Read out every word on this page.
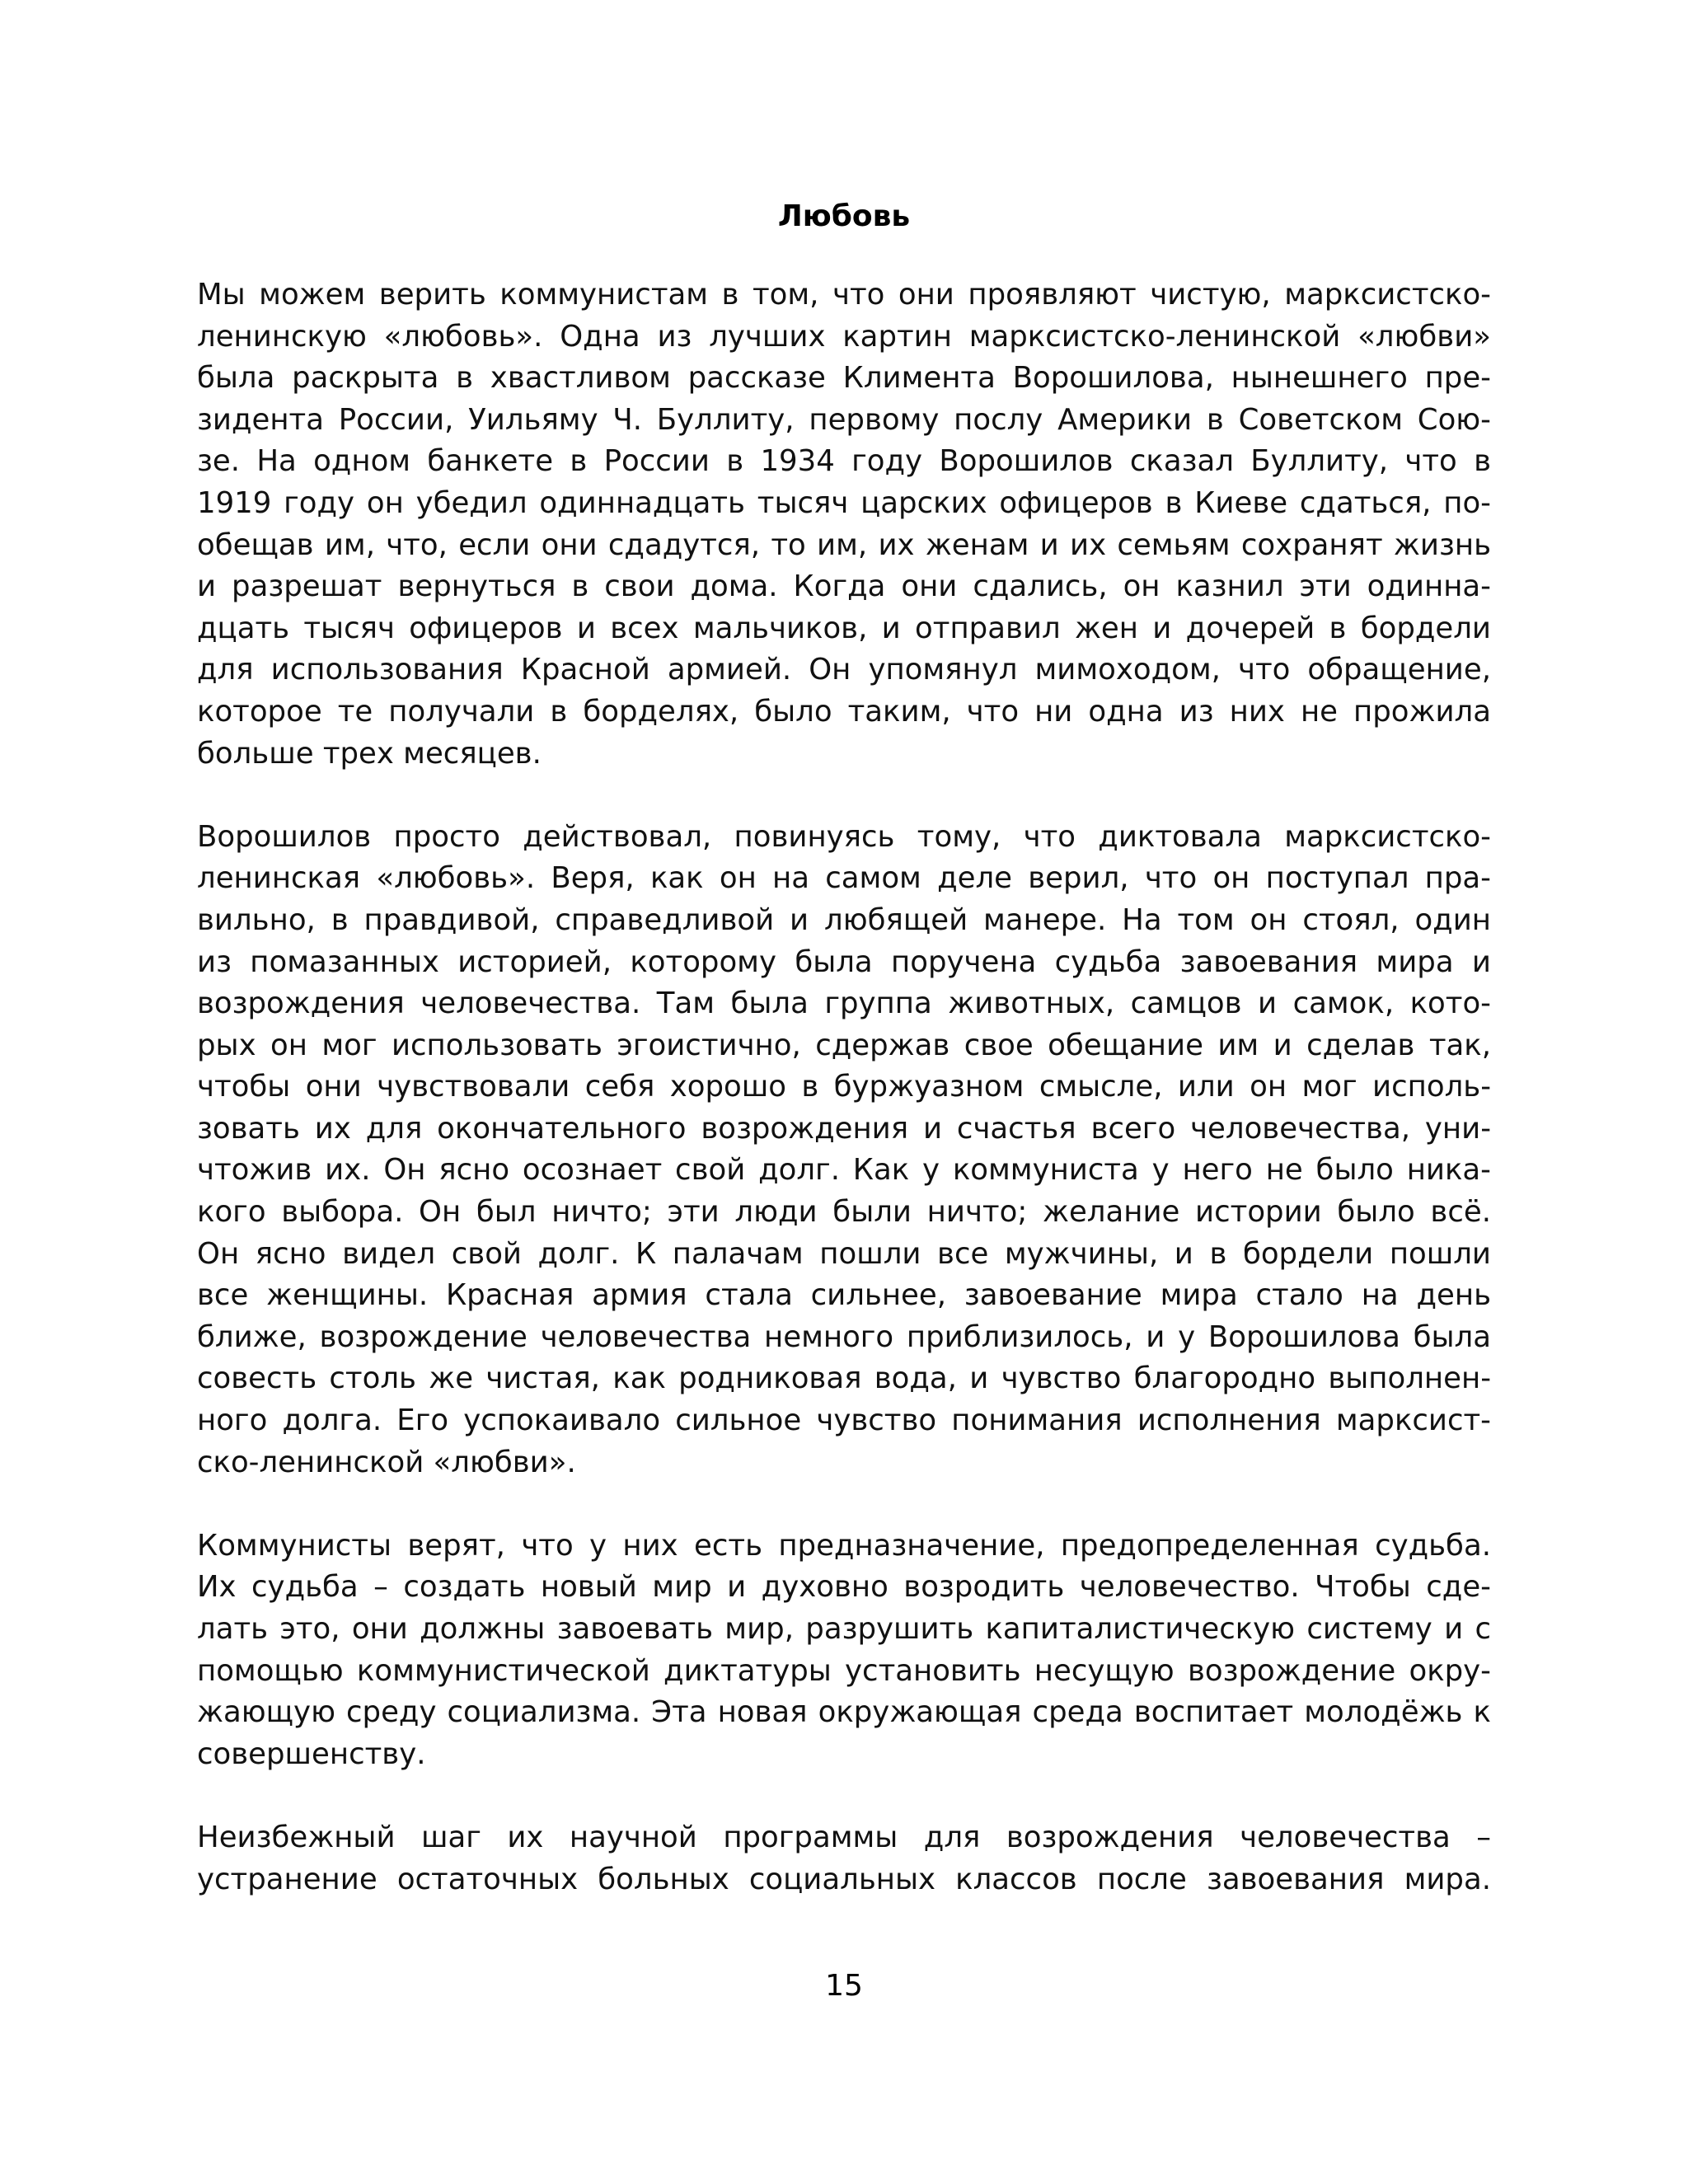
Любовь

Мы можем верить коммунистам в том, что они проявляют чистую, марксистско-
ленинскую «любовь». Одна из лучших картин марксистско-ленинской «любви»
была раскрыта в хвастливом рассказе Климента Ворошилова, нынешнего пре-
зидента России, Уильяму Ч. Буллиту, первому послу Америки в Советском Сою-
зе. На одном банкете в России в 1934 году Ворошилов сказал Буллиту, что в
1919 году он убедил одиннадцать тысяч царских офицеров в Киеве сдаться, по-
обещав им, что, если они сдадутся, то им, их женам и их семьям сохранят жизнь
и разрешат вернуться в свои дома. Когда они сдались, он казнил эти одинна-
дцать тысяч офицеров и всех мальчиков, и отправил жен и дочерей в бордели
для использования Красной армией. Он упомянул мимоходом, что обращение,
которое те получали в борделях, было таким, что ни одна из них не прожила
больше трех месяцев.

Ворошилов просто действовал, повинуясь тому, что диктовала марксистско-
ленинская «любовь». Веря, как он на самом деле верил, что он поступал пра-
вильно, в правдивой, справедливой и любящей манере. На том он стоял, один
из помазанных историей, которому была поручена судьба завоевания мира и
возрождения человечества. Там была группа животных, самцов и самок, кото-
рых он мог использовать эгоистично, сдержав свое обещание им и сделав так,
чтобы они чувствовали себя хорошо в буржуазном смысле, или он мог исполь-
зовать их для окончательного возрождения и счастья всего человечества, уни-
чтожив их. Он ясно осознает свой долг. Как у коммуниста у него не было ника-
кого выбора. Он был ничто; эти люди были ничто; желание истории было всё.
Он ясно видел свой долг. К палачам пошли все мужчины, и в бордели пошли
все женщины. Красная армия стала сильнее, завоевание мира стало на день
ближе, возрождение человечества немного приблизилось, и у Ворошилова была
совесть столь же чистая, как родниковая вода, и чувство благородно выполнен-
ного долга. Его успокаивало сильное чувство понимания исполнения марксист-
ско-ленинской «любви».

Коммунисты верят, что у них есть предназначение, предопределенная судьба.
Их судьба – создать новый мир и духовно возродить человечество. Чтобы сде-
лать это, они должны завоевать мир, разрушить капиталистическую систему и с
помощью коммунистической диктатуры установить несущую возрождение окру-
жающую среду социализма. Эта новая окружающая среда воспитает молодёжь к
совершенству.

Неизбежный шаг их научной программы для возрождения человечества –
устранение остаточных больных социальных классов после завоевания мира.

15
